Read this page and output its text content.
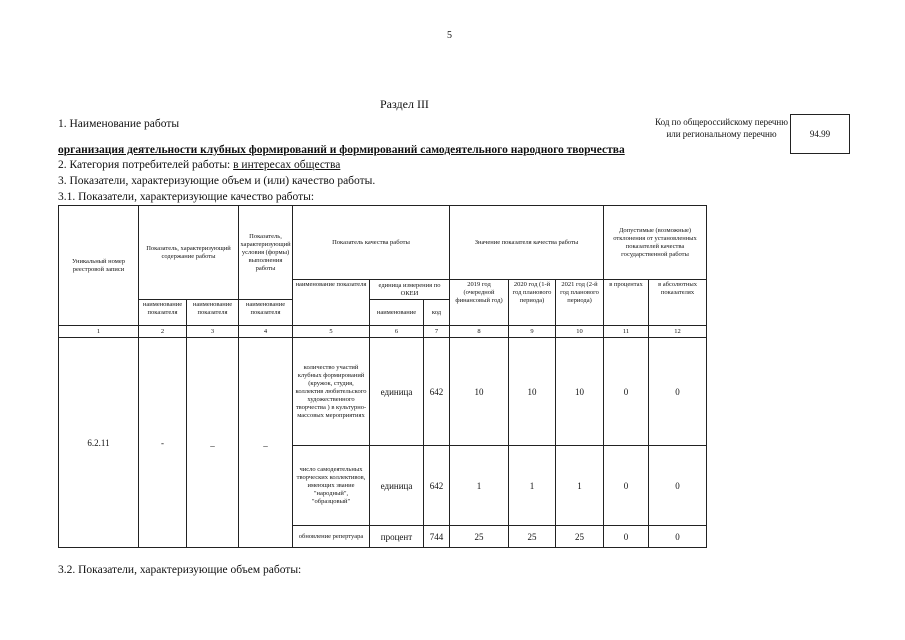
5
Раздел III
1. Наименование работы
организация деятельности клубных формирований и формирований самодеятельного народного творчества
2. Категория потребителей работы: в интересах общества
3. Показатели, характеризующие объем и (или) качество работы.
3.1. Показатели, характеризующие качество работы:
Код по общероссийскому перечню или региональному перечню	94.99
Уникальный номер реестровой записи	Показатель, характеризующий содержание работы		Показатель, характеризующий условия (формы) выполнения работы	Показатель качества работы			Значение показателя качества работы			Допустимые (возможные) отклонения от установленных показателей качества государственной работы	
				наименование показателя	единица измерения по ОКЕИ		2019 год (очередной финансовый год)	2020 год (1-й год планового периода)	2021 год (2-й год планового периода)	в процентах	в абсолютных показателях
	наименование показателя	наименование показателя	наименование показателя		наименование	код					
1	2	3	4	5	6	7	8	9	10	11	12
6.2.11	-	_	_	количество участий клубных формирований (кружок, студия, коллектив любительского художественного творчества ) в культурно-массовых мероприятиях	единица	642	10	10	10	0	0
				число самодеятельных творческих коллективов, имеющих звание "народный", "образцовый"	единица	642	1	1	1	0	0
				обновление репертуара	процент	744	25	25	25	0	0
3.2. Показатели, характеризующие объем работы:
